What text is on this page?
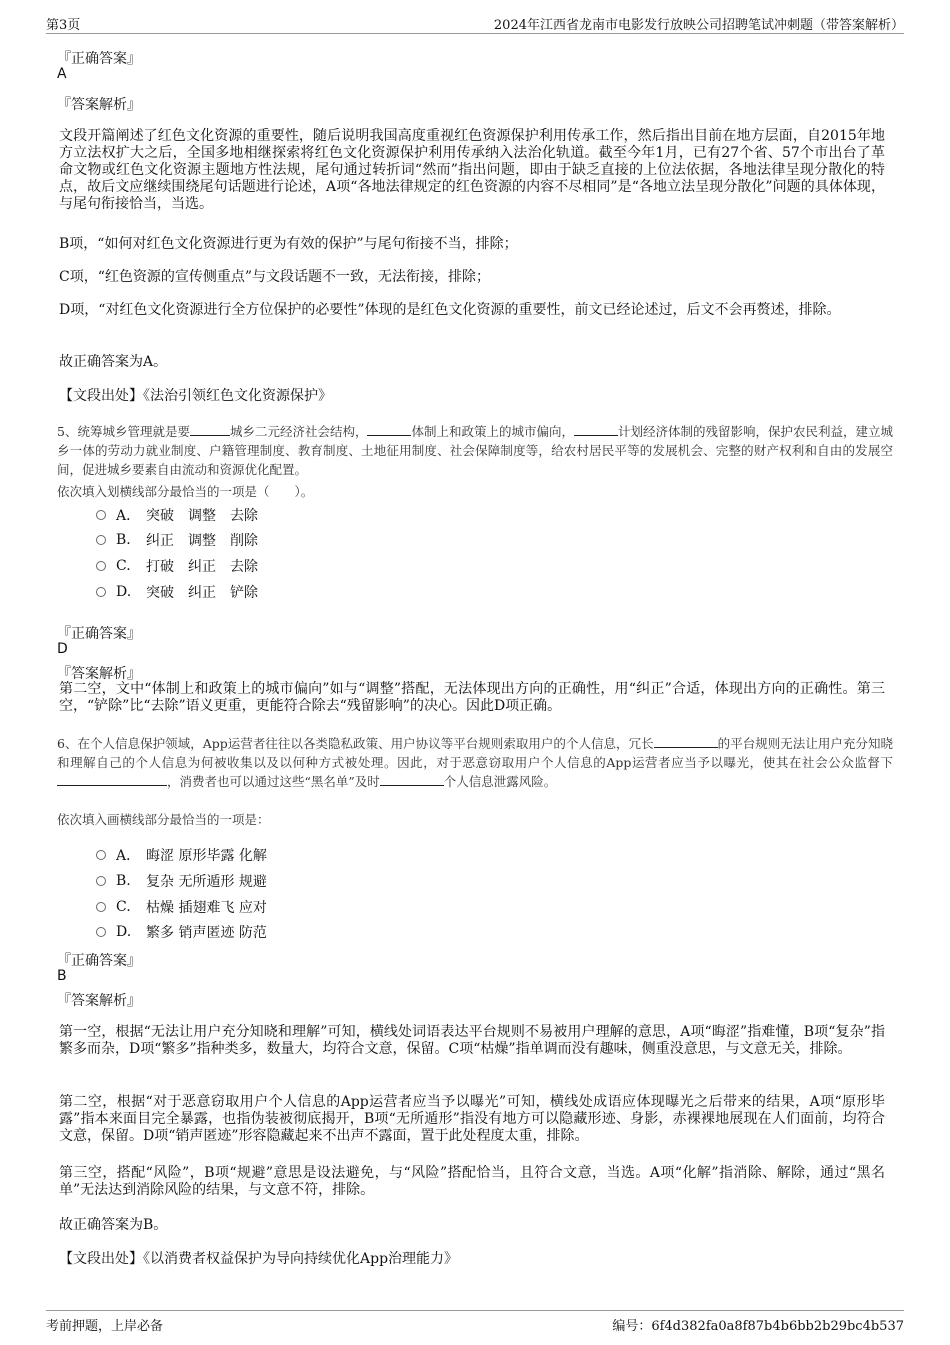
第3页	2024年江西省龙南市电影发行放映公司招聘笔试冲刺题（带答案解析）
『正确答案』
A
『答案解析』
文段开篇阐述了红色文化资源的重要性，随后说明我国高度重视红色资源保护利用传承工作，然后指出目前在地方层面，自2015年地方立法权扩大之后，全国多地相继探索将红色文化资源保护利用传承纳入法治化轨道。截至今年1月，已有27个省、57个市出台了革命文物或红色文化资源主题地方性法规，尾句通过转折词“然而”指出问题，即由于缺乏直接的上位法依据，各地法律呈现分散化的特点，故后文应继续围绕尾句话题进行论述，A项“各地法律规定的红色资源的内容不尽相同”是“各地立法呈现分散化”问题的具体体现，与尾句衔接恰当，当选。
B项，“如何对红色文化资源进行更为有效的保护”与尾句衔接不当，排除；
C项，“红色资源的宣传侧重点”与文段话题不一致，无法衔接，排除；
D项，“对红色文化资源进行全方位保护的必要性”体现的是红色文化资源的重要性，前文已经论述过，后文不会再赘述，排除。
故正确答案为A。
【文段出处】《法治引领红色文化资源保护》
5、统筹城乡管理就是要	城乡二元经济社会结构，	体制上和政策上的城市偏向，	计划经济体制的残留影响，保护农民利益，建立城乡一体的劳动力就业制度、户籍管理制度、教育制度、土地征用制度、社会保障制度等，给农村居民平等的发展机会、完整的财产权利和自由的发展空间，促进城乡要素自由流动和资源优化配置。
依次填入划横线部分最恰当的一项是（　　）。
A． 突破　调整　去除
B.	纠正　调整　削除
C.	打破　纠正　去除
D.	突破　纠正　铲除
『正确答案』
D
『答案解析』
第二空，文中“体制上和政策上的城市偏向”如与“调整”搭配，无法体现出方向的正确性，用“纠正”合适，体现出方向的正确性。第三空，“铲除”比“去除”语义更重，更能符合除去“残留影响”的决心。因此D项正确。
6、在个人信息保护领域，App运营者往往以各类隐私政策、用户协议等平台规则索取用户的个人信息，冗长	的平台规则无法让用户充分知晓和理解自己的个人信息为何被收集以及以何种方式被处理。因此，对于恶意窃取用户个人信息的App运营者应当予以曝光，使其在社会公众监督下，消费者也可以通过这些“黑名单”及时	个人信息泄露风险。
依次填入画横线部分最恰当的一项是：
A． 晦涩 原形毕露 化解
B.	复杂 无所遁形 规避
C.	枯燥 插翅难飞 应对
D.	繁多 销声匿迹 防范
『正确答案』
B
『答案解析』
第一空，根据“无法让用户充分知晓和理解”可知，横线处词语表达平台规则不易被用户理解的意思，A项“晦涩”指难懂，B项“复杂”指繁多而杂，D项“繁多”指种类多，数量大，均符合文意，保留。C项“枯燥”指单调而没有趣味，侧重没意思，与文意无关，排除。
第二空，根据“对于恶意窃取用户个人信息的App运营者应当予以曝光”可知，横线处成语应体现曝光之后带来的结果，A项“原形毕露”指本来面目完全暴露，也指伪装被彻底揭开，B项“无所遁形”指没有地方可以隐藏形迹、身影，赤裸裸地展现在人们面前，均符合文意，保留。D项“销声匿迹”形容隐藏起来不出声不露面，置于此处程度太重，排除。
第三空，搭配“风险”，B项“规避”意思是设法避免，与“风险”搭配恰当，且符合文意，当选。A项“化解”指消除、解除，通过“黑名单”无法达到消除风险的结果，与文意不符，排除。
故正确答案为B。
【文段出处】《以消费者权益保护为导向持续优化App治理能力》
考前押题，上岸必备	编号：6f4d382fa0a8f87b4b6bb2b29bc4b537
